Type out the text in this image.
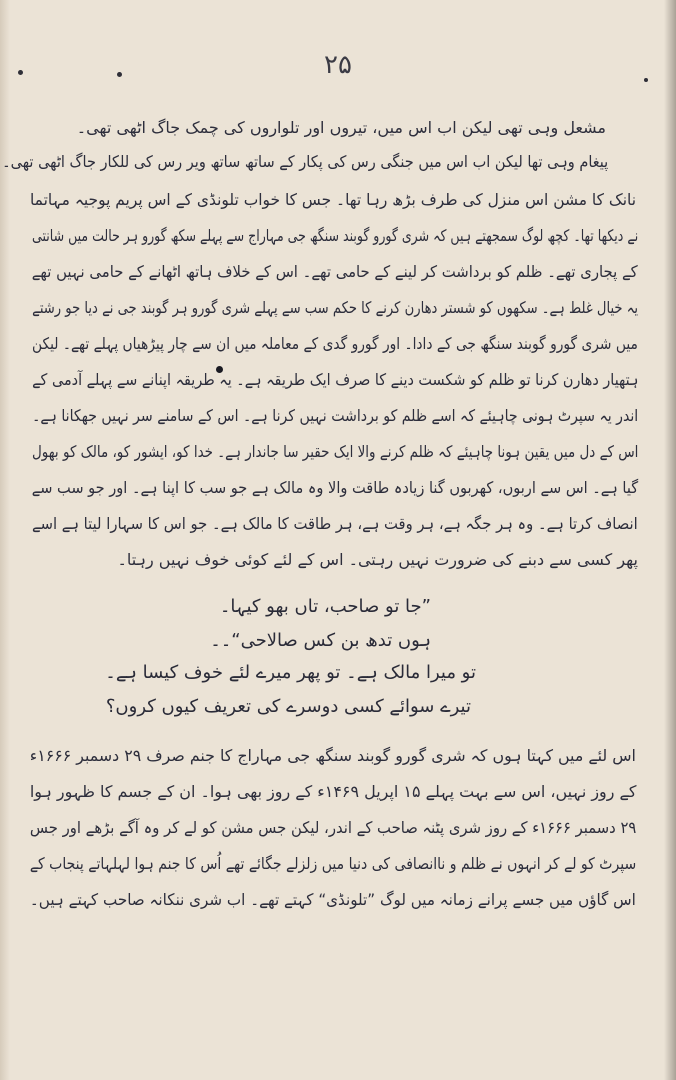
۲۵
مشعل وہی تھی لیکن اب اس میں، تیروں اور تلواروں کی چمک جاگ اٹھی تھی۔
پیغام وہی تھا لیکن اب اس میں جنگی رس کی پکار کے ساتھ ساتھ ویر رس کی للکار جاگ اٹھی تھی۔
نانک کا مشن اس منزل کی طرف بڑھ رہا تھا۔ جس کا خواب تلونڈی کے اس پریم پوجیہ مہاتما
نے دیکھا تھا۔ کچھ لوگ سمجھتے ہیں کہ شری گورو گوبند سنگھ جی مہاراج سے پہلے سکھ گورو ہر حالت میں شانتی
کے پجاری تھے۔ ظلم کو برداشت کر لینے کے حامی تھے۔ اس کے خلاف ہاتھ اٹھانے کے حامی نہیں تھے
یہ خیال غلط ہے۔ سکھوں کو شستر دھارن کرنے کا حکم سب سے پہلے شری گورو ہر گوبند جی نے دیا جو رشتے
میں شری گورو گوبند سنگھ جی کے دادا۔ اور گورو گدی کے معاملہ میں ان سے چار پیڑھیاں پہلے تھے۔ لیکن
ہتھیار دھارن کرنا تو ظلم کو شکست دینے کا صرف ایک طریقہ ہے۔ یہ طریقہ اپنانے سے پہلے آدمی کے
اندر یہ سپرٹ ہونی چاہیئے کہ اسے ظلم کو برداشت نہیں کرنا ہے۔ اس کے سامنے سر نہیں جھکانا ہے۔
اس کے دل میں یقین ہونا چاہیئے کہ ظلم کرنے والا ایک حقیر سا جاندار ہے۔ خدا کو، ایشور کو، مالک کو بھول
گیا ہے۔ اس سے اربوں، کھربوں گنا زیادہ طاقت والا وہ مالک ہے جو سب کا اپنا ہے۔ اور جو سب سے
انصاف کرتا ہے۔ وہ ہر جگہ ہے، ہر وقت ہے، ہر طاقت کا مالک ہے۔ جو اس کا سہارا لیتا ہے اسے
پھر کسی سے دبنے کی ضرورت نہیں رہتی۔ اس کے لئے کوئی خوف نہیں رہتا۔
”جا تو صاحب، تاں بھو کیہا۔
ہوں تدھ بن کس صالاحی“۔۔
تو میرا مالک ہے۔ تو پھر میرے لئے خوف کیسا ہے۔
تیرے سوائے کسی دوسرے کی تعریف کیوں کروں؟
اس لئے میں کہتا ہوں کہ شری گورو گوبند سنگھ جی مہاراج کا جنم صرف ۲۹ دسمبر ۱۶۶۶ء
کے روز نہیں، اس سے بہت پہلے ۱۵ اپریل ۱۴۶۹ء کے روز بھی ہوا۔ ان کے جسم کا ظہور ہوا
۲۹ دسمبر ۱۶۶۶ء کے روز شری پٹنہ صاحب کے اندر، لیکن جس مشن کو لے کر وہ آگے بڑھے اور جس
سپرٹ کو لے کر انہوں نے ظلم و ناانصافی کی دنیا میں زلزلے جگائے تھے اُس کا جنم ہوا لہلہاتے پنجاب کے
اس گاؤں میں جسے پرانے زمانہ میں لوگ ”تلونڈی“ کہتے تھے۔ اب شری ننکانہ صاحب کہتے ہیں۔
